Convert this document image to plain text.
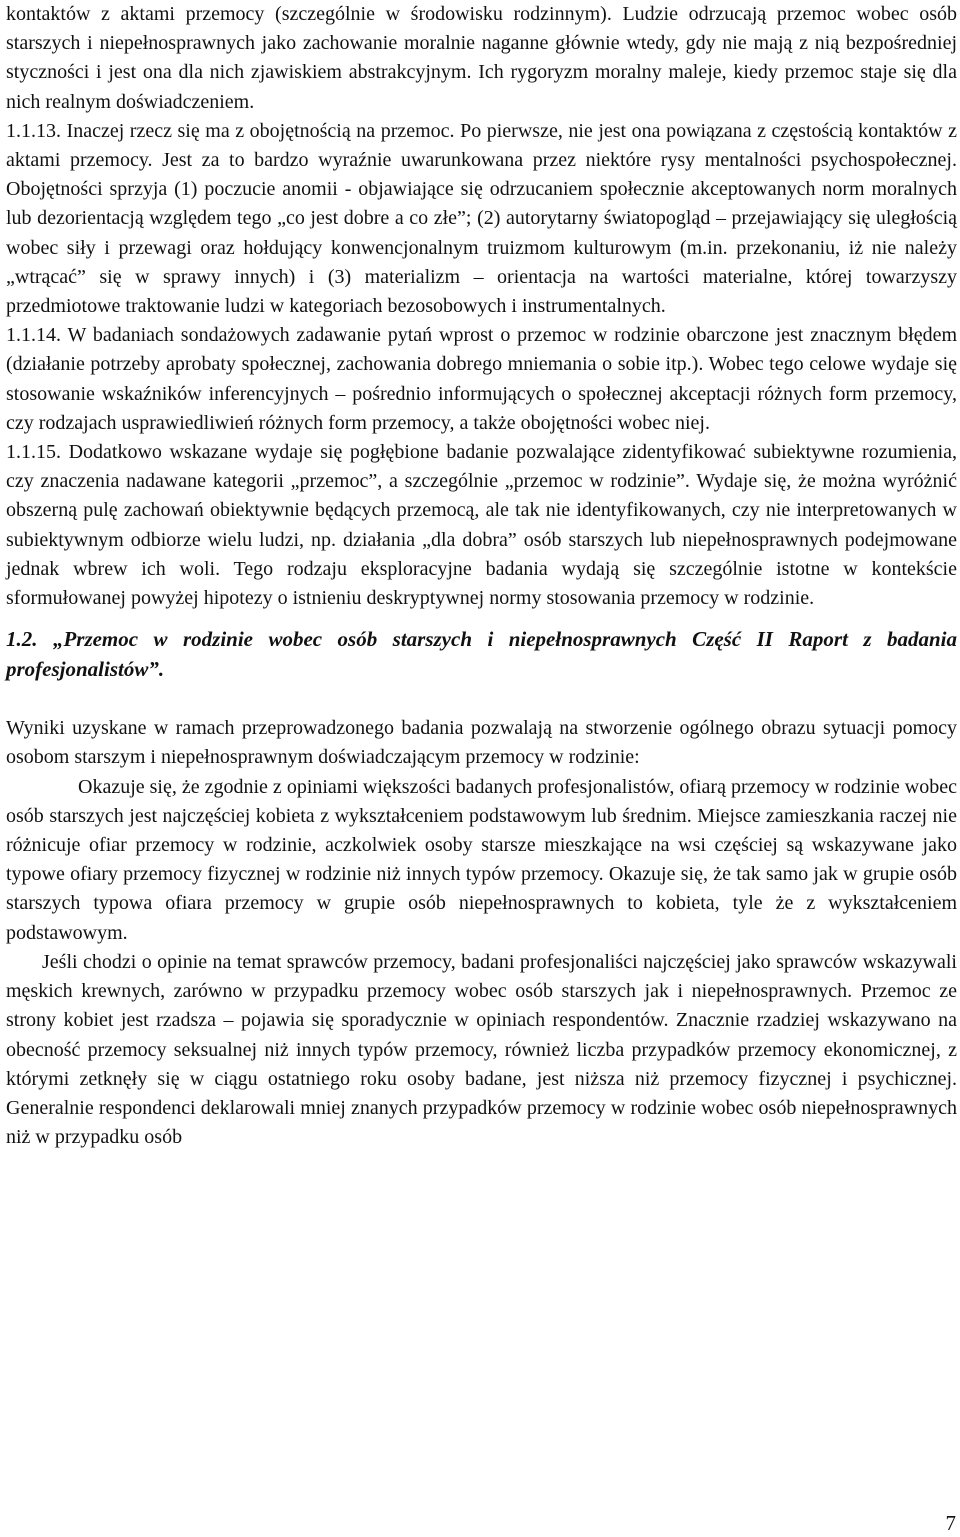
kontaktów z aktami przemocy (szczególnie w środowisku rodzinnym). Ludzie odrzucają przemoc wobec osób starszych i niepełnosprawnych jako zachowanie moralnie naganne głównie wtedy, gdy nie mają z nią bezpośredniej styczności i jest ona dla nich zjawiskiem abstrakcyjnym. Ich rygoryzm moralny maleje, kiedy przemoc staje się dla nich realnym doświadczeniem.

1.1.13. Inaczej rzecz się ma z obojętnością na przemoc. Po pierwsze, nie jest ona powiązana z częstością kontaktów z aktami przemocy. Jest za to bardzo wyraźnie uwarunkowana przez niektóre rysy mentalności psychospołecznej. Obojętności sprzyja (1) poczucie anomii - objawiające się odrzucaniem społecznie akceptowanych norm moralnych lub dezorientacją względem tego „co jest dobre a co złe”; (2) autorytarny światopogląd – przejawiający się uległością wobec siły i przewagi oraz hołdujący konwencjonalnym truizmom kulturowym (m.in. przekonaniu, iż nie należy „wtrącać” się w sprawy innych) i (3) materializm – orientacja na wartości materialne, której towarzyszy przedmiotowe traktowanie ludzi w kategoriach bezosobowych i instrumentalnych.

1.1.14. W badaniach sondażowych zadawanie pytań wprost o przemoc w rodzinie obarczone jest znacznym błędem (działanie potrzeby aprobaty społecznej, zachowania dobrego mniemania o sobie itp.). Wobec tego celowe wydaje się stosowanie wskaźników inferencyjnych – pośrednio informujących o społecznej akceptacji różnych form przemocy, czy rodzajach usprawiedliwień różnych form przemocy, a także obojętności wobec niej.

1.1.15. Dodatkowo wskazane wydaje się pogłębione badanie pozwalające zidentyfikować subiektywne rozumienia, czy znaczenia nadawane kategorii „przemoc”, a szczególnie „przemoc w rodzinie”. Wydaje się, że można wyróżnić obszerną pulę zachowań obiektywnie będących przemocą, ale tak nie identyfikowanych, czy nie interpretowanych w subiektywnym odbiorze wielu ludzi, np. działania „dla dobra” osób starszych lub niepełnosprawnych podejmowane jednak wbrew ich woli. Tego rodzaju eksploracyjne badania wydają się szczególnie istotne w kontekście sformułowanej powyżej hipotezy o istnieniu deskryptywnej normy stosowania przemocy w rodzinie.

1.2. „Przemoc w rodzinie wobec osób starszych i niepełnosprawnych Część II Raport z badania profesjonalistów”.

Wyniki uzyskane w ramach przeprowadzonego badania pozwalają na stworzenie ogólnego obrazu sytuacji pomocy osobom starszym i niepełnosprawnym doświadczającym przemocy w rodzinie:

Okazuje się, że zgodnie z opiniami większości badanych profesjonalistów, ofiarą przemocy w rodzinie wobec osób starszych jest najczęściej kobieta z wykształceniem podstawowym lub średnim. Miejsce zamieszkania raczej nie różnicuje ofiar przemocy w rodzinie, aczkolwiek osoby starsze mieszkające na wsi częściej są wskazywane jako typowe ofiary przemocy fizycznej w rodzinie niż innych typów przemocy. Okazuje się, że tak samo jak w grupie osób starszych typowa ofiara przemocy w grupie osób niepełnosprawnych to kobieta, tyle że z wykształceniem podstawowym.

Jeśli chodzi o opinie na temat sprawców przemocy, badani profesjonaliści najczęściej jako sprawców wskazywali męskich krewnych, zarówno w przypadku przemocy wobec osób starszych jak i niepełnosprawnych. Przemoc ze strony kobiet jest rzadsza – pojawia się sporadycznie w opiniach respondentów. Znacznie rzadziej wskazywano na obecność przemocy seksualnej niż innych typów przemocy, również liczba przypadków przemocy ekonomicznej, z którymi zetknęły się w ciągu ostatniego roku osoby badane, jest niższa niż przemocy fizycznej i psychicznej. Generalnie respondenci deklarowali mniej znanych przypadków przemocy w rodzinie wobec osób niepełnosprawnych niż w przypadku osób

7
